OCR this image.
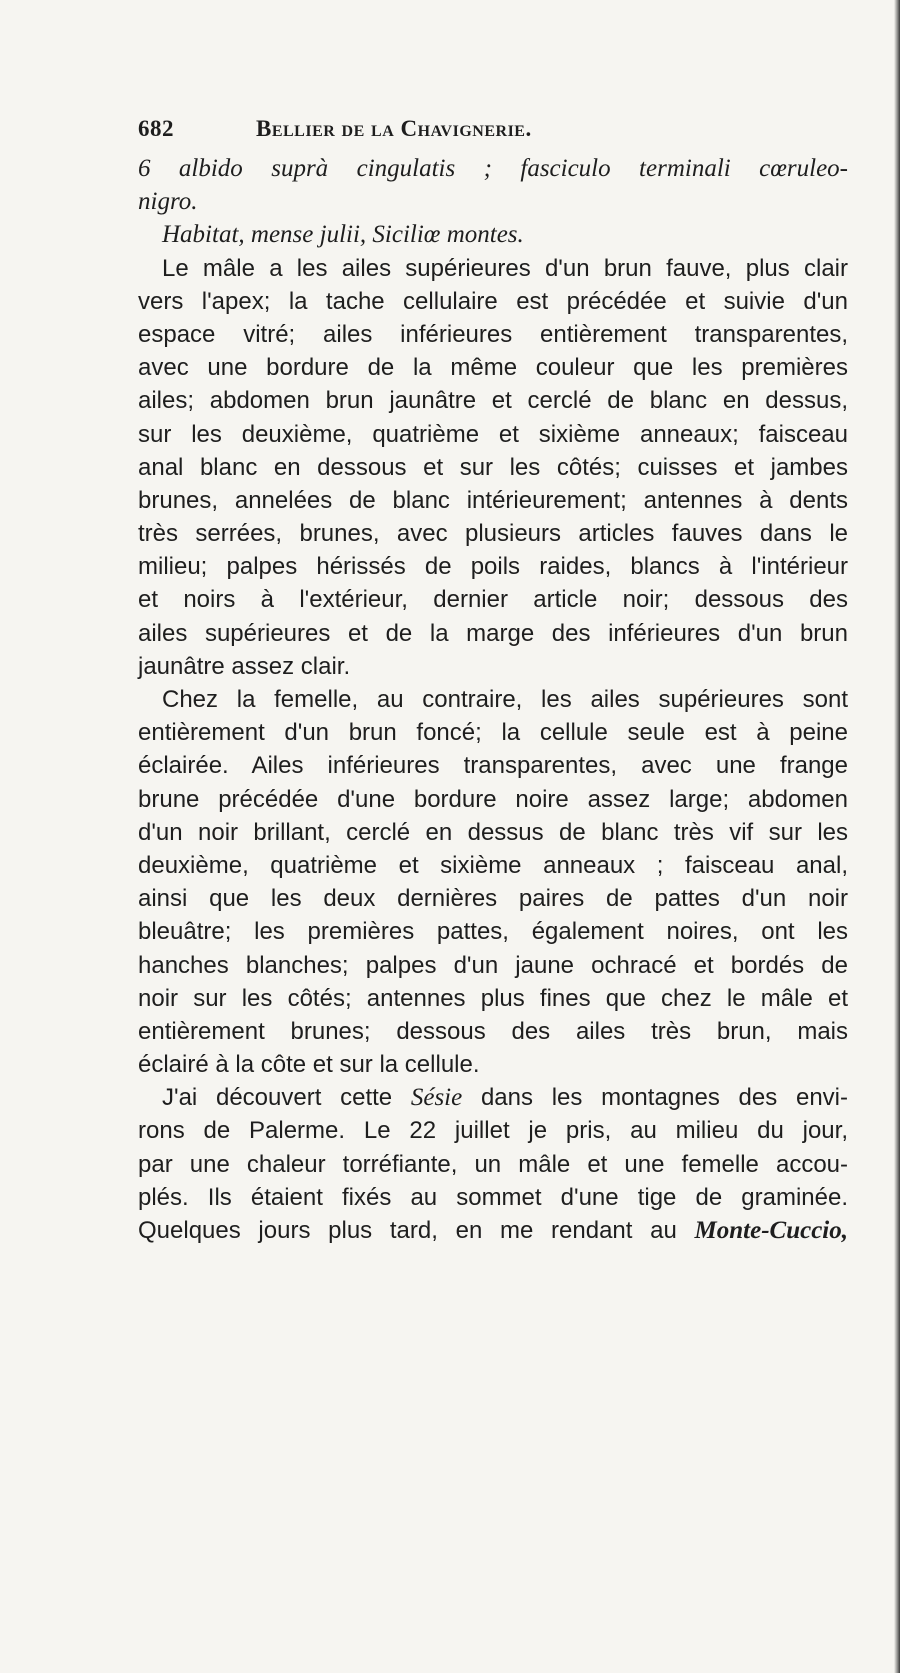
682	Bellier de la Chavignerie.
6 albido suprà cingulatis ; fasciculo terminali cœruleo-
nigro.
Habitat, mense julii, Siciliœ montes.
Le mâle a les ailes supérieures d'un brun fauve, plus clair
vers l'apex; la tache cellulaire est précédée et suivie d'un
espace vitré; ailes inférieures entièrement transparentes,
avec une bordure de la même couleur que les premières
ailes; abdomen brun jaunâtre et cerclé de blanc en dessus,
sur les deuxième, quatrième et sixième anneaux; faisceau
anal blanc en dessous et sur les côtés; cuisses et jambes
brunes, annelées de blanc intérieurement; antennes à dents
très serrées, brunes, avec plusieurs articles fauves dans le
milieu; palpes hérissés de poils raides, blancs à l'intérieur
et noirs à l'extérieur, dernier article noir; dessous des
ailes supérieures et de la marge des inférieures d'un brun
jaunâtre assez clair.
Chez la femelle, au contraire, les ailes supérieures sont
entièrement d'un brun foncé; la cellule seule est à peine
éclairée. Ailes inférieures transparentes, avec une frange
brune précédée d'une bordure noire assez large; abdomen
d'un noir brillant, cerclé en dessus de blanc très vif sur les
deuxième, quatrième et sixième anneaux ; faisceau anal,
ainsi que les deux dernières paires de pattes d'un noir
bleuâtre; les premières pattes, également noires, ont les
hanches blanches; palpes d'un jaune ochracé et bordés de
noir sur les côtés; antennes plus fines que chez le mâle et
entièrement brunes; dessous des ailes très brun, mais
éclairé à la côte et sur la cellule.
J'ai découvert cette Sésie dans les montagnes des envi-
rons de Palerme. Le 22 juillet je pris, au milieu du jour,
par une chaleur torréfiante, un mâle et une femelle accou-
plés. Ils étaient fixés au sommet d'une tige de graminée.
Quelques jours plus tard, en me rendant au Monte-Cuccio,
